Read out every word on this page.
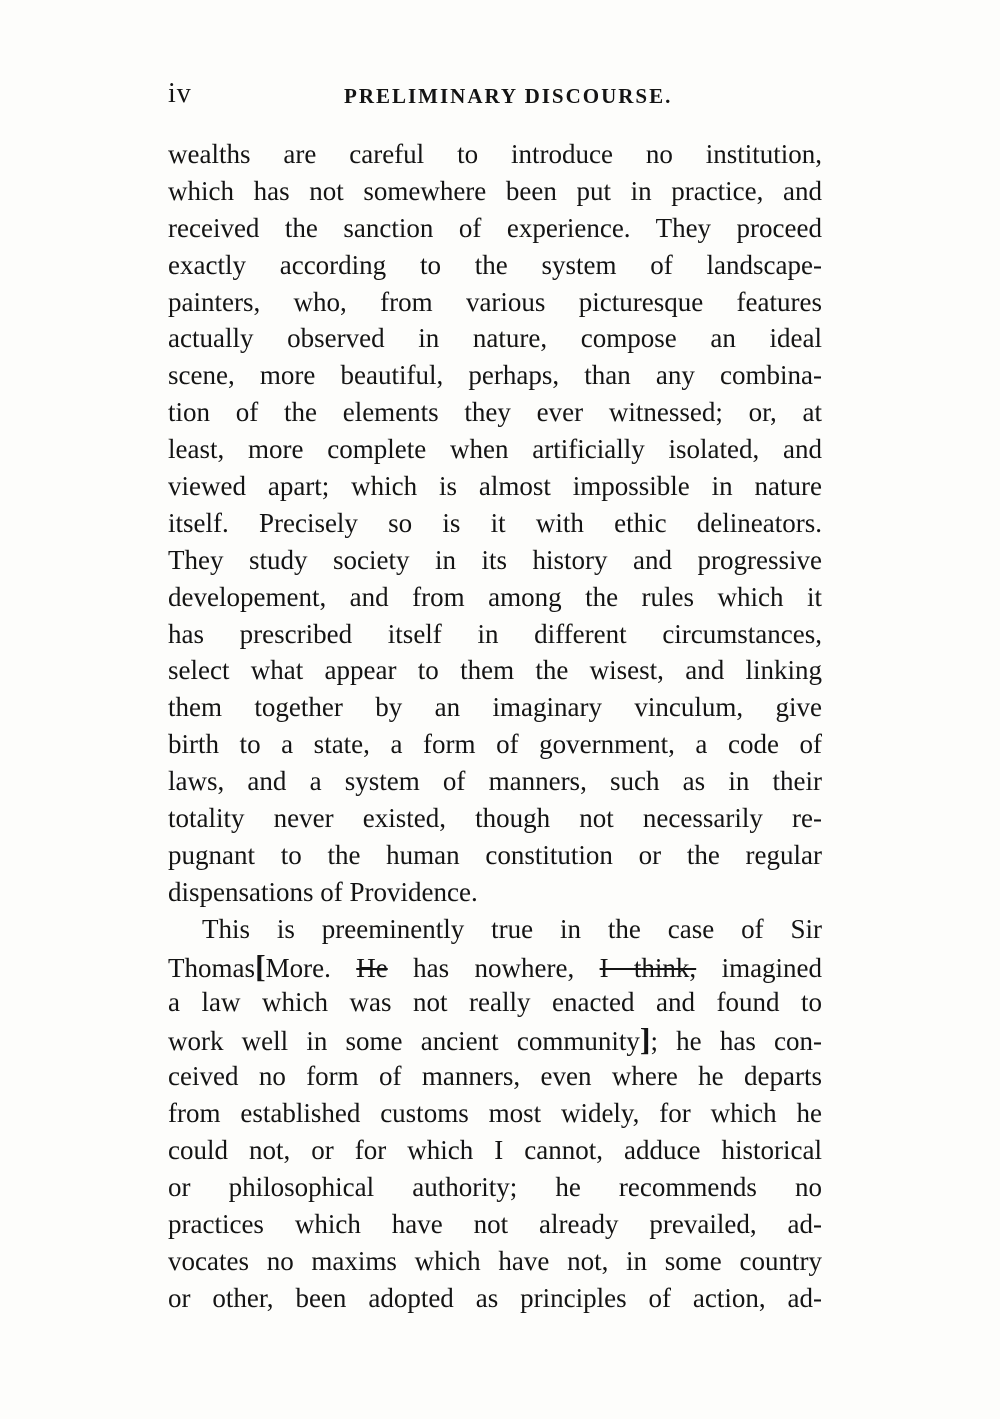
iv	PRELIMINARY DISCOURSE.
wealths are careful to introduce no institution,
which has not somewhere been put in practice, and
received the sanction of experience. They proceed
exactly according to the system of landscape-
painters, who, from various picturesque features
actually observed in nature, compose an ideal
scene, more beautiful, perhaps, than any combina-
tion of the elements they ever witnessed; or, at
least, more complete when artificially isolated, and
viewed apart; which is almost impossible in nature
itself. Precisely so is it with ethic delineators.
They study society in its history and progressive
developement, and from among the rules which it
has prescribed itself in different circumstances,
select what appear to them the wisest, and linking
them together by an imaginary vinculum, give
birth to a state, a form of government, a code of
laws, and a system of manners, such as in their
totality never existed, though not necessarily re-
pugnant to the human constitution or the regular
dispensations of Providence.
This is preeminently true in the case of Sir
Thomas[More. He has nowhere, I think, imagined
a law which was not really enacted and found to
work well in some ancient community]; he has con-
ceived no form of manners, even where he departs
from established customs most widely, for which he
could not, or for which I cannot, adduce historical
or philosophical authority; he recommends no
practices which have not already prevailed, ad-
vocates no maxims which have not, in some country
or other, been adopted as principles of action, ad-
